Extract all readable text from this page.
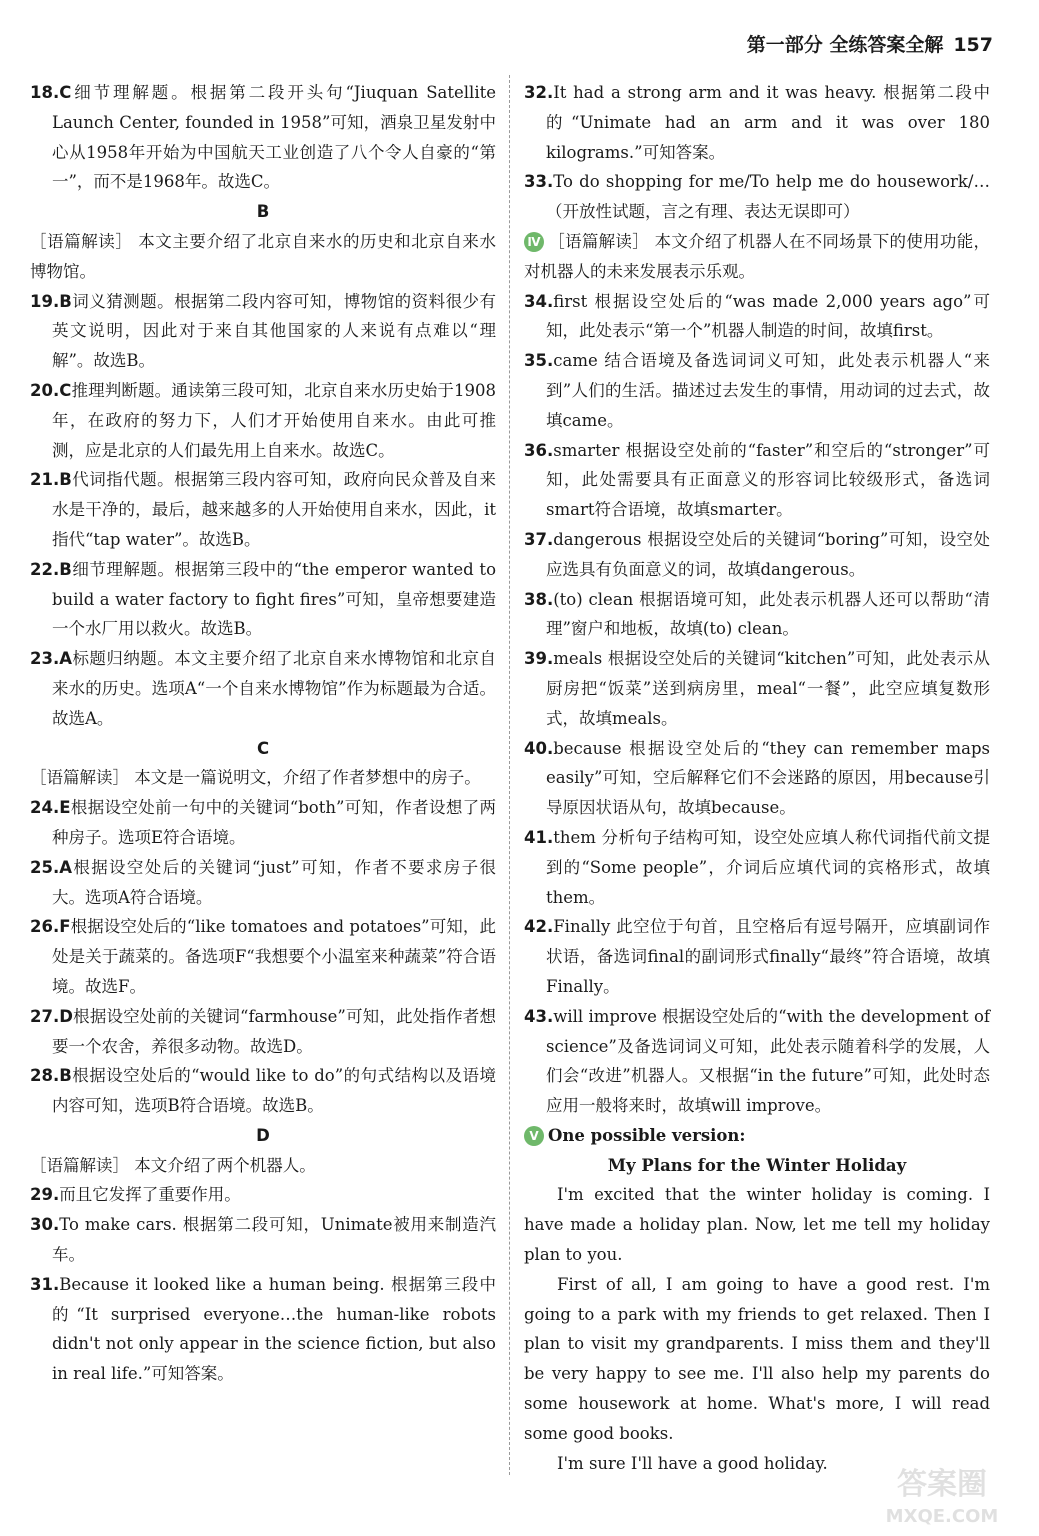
第一部分 全练答案全解 157

18.C细节理解题。根据第二段开头句“Jiuquan Satellite Launch Center, founded in 1958”可知，酒泉卫星发射中心从1958年开始为中国航天工业创造了八个令人自豪的“第一”，而不是1968年。故选C。

B

［语篇解读］ 本文主要介绍了北京自来水的历史和北京自来水博物馆。

19.B词义猜测题。根据第二段内容可知，博物馆的资料很少有英文说明，因此对于来自其他国家的人来说有点难以“理解”。故选B。

20.C推理判断题。通读第三段可知，北京自来水历史始于1908年，在政府的努力下，人们才开始使用自来水。由此可推测，应是北京的人们最先用上自来水。故选C。

21.B代词指代题。根据第三段内容可知，政府向民众普及自来水是干净的，最后，越来越多的人开始使用自来水，因此，it指代“tap water”。故选B。

22.B细节理解题。根据第三段中的“the emperor wanted to build a water factory to fight fires”可知，皇帝想要建造一个水厂用以救火。故选B。

23.A标题归纳题。本文主要介绍了北京自来水博物馆和北京自来水的历史。选项A“一个自来水博物馆”作为标题最为合适。故选A。

C

［语篇解读］ 本文是一篇说明文，介绍了作者梦想中的房子。

24.E根据设空处前一句中的关键词“both”可知，作者设想了两种房子。选项E符合语境。

25.A根据设空处后的关键词“just”可知，作者不要求房子很大。选项A符合语境。

26.F根据设空处后的“like tomatoes and potatoes”可知，此处是关于蔬菜的。备选项F“我想要个小温室来种蔬菜”符合语境。故选F。

27.D根据设空处前的关键词“farmhouse”可知，此处指作者想要一个农舍，养很多动物。故选D。

28.B根据设空处后的“would like to do”的句式结构以及语境内容可知，选项B符合语境。故选B。

D

［语篇解读］ 本文介绍了两个机器人。

29.而且它发挥了重要作用。

30.To make cars. 根据第二段可知，Unimate被用来制造汽车。

31.Because it looked like a human being. 根据第三段中的“It surprised everyone…the human-like robots didn't not only appear in the science fiction, but also in real life.”可知答案。

32.It had a strong arm and it was heavy. 根据第二段中的“Unimate had an arm and it was over 180 kilograms.”可知答案。

33.To do shopping for me/To help me do housework/…（开放性试题，言之有理、表达无误即可）

Ⅳ ［语篇解读］ 本文介绍了机器人在不同场景下的使用功能，对机器人的未来发展表示乐观。

34.first 根据设空处后的“was made 2,000 years ago”可知，此处表示“第一个”机器人制造的时间，故填first。

35.came 结合语境及备选词词义可知，此处表示机器人“来到”人们的生活。描述过去发生的事情，用动词的过去式，故填came。

36.smarter 根据设空处前的“faster”和空后的“stronger”可知，此处需要具有正面意义的形容词比较级形式，备选词smart符合语境，故填smarter。

37.dangerous 根据设空处后的关键词“boring”可知，设空处应选具有负面意义的词，故填dangerous。

38.(to) clean 根据语境可知，此处表示机器人还可以帮助“清理”窗户和地板，故填(to) clean。

39.meals 根据设空处后的关键词“kitchen”可知，此处表示从厨房把“饭菜”送到病房里，meal“一餐”，此空应填复数形式，故填meals。

40.because 根据设空处后的“they can remember maps easily”可知，空后解释它们不会迷路的原因，用because引导原因状语从句，故填because。

41.them 分析句子结构可知，设空处应填人称代词指代前文提到的“Some people”，介词后应填代词的宾格形式，故填them。

42.Finally 此空位于句首，且空格后有逗号隔开，应填副词作状语，备选词final的副词形式finally“最终”符合语境，故填Finally。

43.will improve 根据设空处后的“with the development of science”及备选词词义可知，此处表示随着科学的发展，人们会“改进”机器人。又根据“in the future”可知，此处时态应用一般将来时，故填will improve。

Ⅴ One possible version:

My Plans for the Winter Holiday

I'm excited that the winter holiday is coming. I have made a holiday plan. Now, let me tell my holiday plan to you.

First of all, I am going to have a good rest. I'm going to a park with my friends to get relaxed. Then I plan to visit my grandparents. I miss them and they'll be very happy to see me. I'll also help my parents do some housework at home. What's more, I will read some good books.

I'm sure I'll have a good holiday.

答案圈
MXQE.COM
